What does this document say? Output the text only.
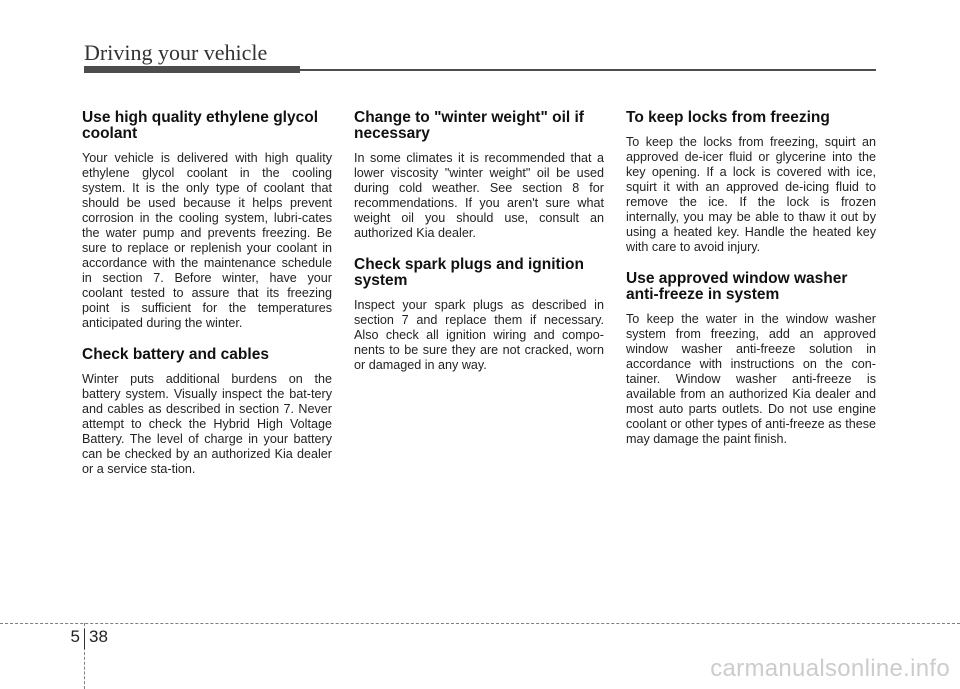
Driving your vehicle
Use high quality ethylene glycol coolant

Your vehicle is delivered with high quality ethylene glycol coolant in the cooling system. It is the only type of coolant that should be used because it helps prevent corrosion in the cooling system, lubri-cates the water pump and prevents freezing. Be sure to replace or replenish your coolant in accordance with the maintenance schedule in section 7. Before winter, have your coolant tested to assure that its freezing point is sufficient for the temperatures anticipated during the winter.

Check battery and cables

Winter puts additional burdens on the battery system. Visually inspect the bat-tery and cables as described in section 7. Never attempt to check the Hybrid High Voltage Battery. The level of charge in your battery can be checked by an authorized Kia dealer or a service sta-tion.

Change to "winter weight" oil if necessary

In some climates it is recommended that a lower viscosity "winter weight" oil be used during cold weather. See section 8 for recommendations. If you aren't sure what weight oil you should use, consult an authorized Kia dealer.

Check spark plugs and ignition system

Inspect your spark plugs as described in section 7 and replace them if necessary. Also check all ignition wiring and compo-nents to be sure they are not cracked, worn or damaged in any way.

To keep locks from freezing

To keep the locks from freezing, squirt an approved de-icer fluid or glycerine into the key opening. If a lock is covered with ice, squirt it with an approved de-icing fluid to remove the ice. If the lock is frozen internally, you may be able to thaw it out by using a heated key. Handle the heated key with care to avoid injury.

Use approved window washer anti-freeze in system

To keep the water in the window washer system from freezing, add an approved window washer anti-freeze solution in accordance with instructions on the con-tainer. Window washer anti-freeze is available from an authorized Kia dealer and most auto parts outlets. Do not use engine coolant or other types of anti-freeze as these may damage the paint finish.

5 38
carmanualsonline.info
